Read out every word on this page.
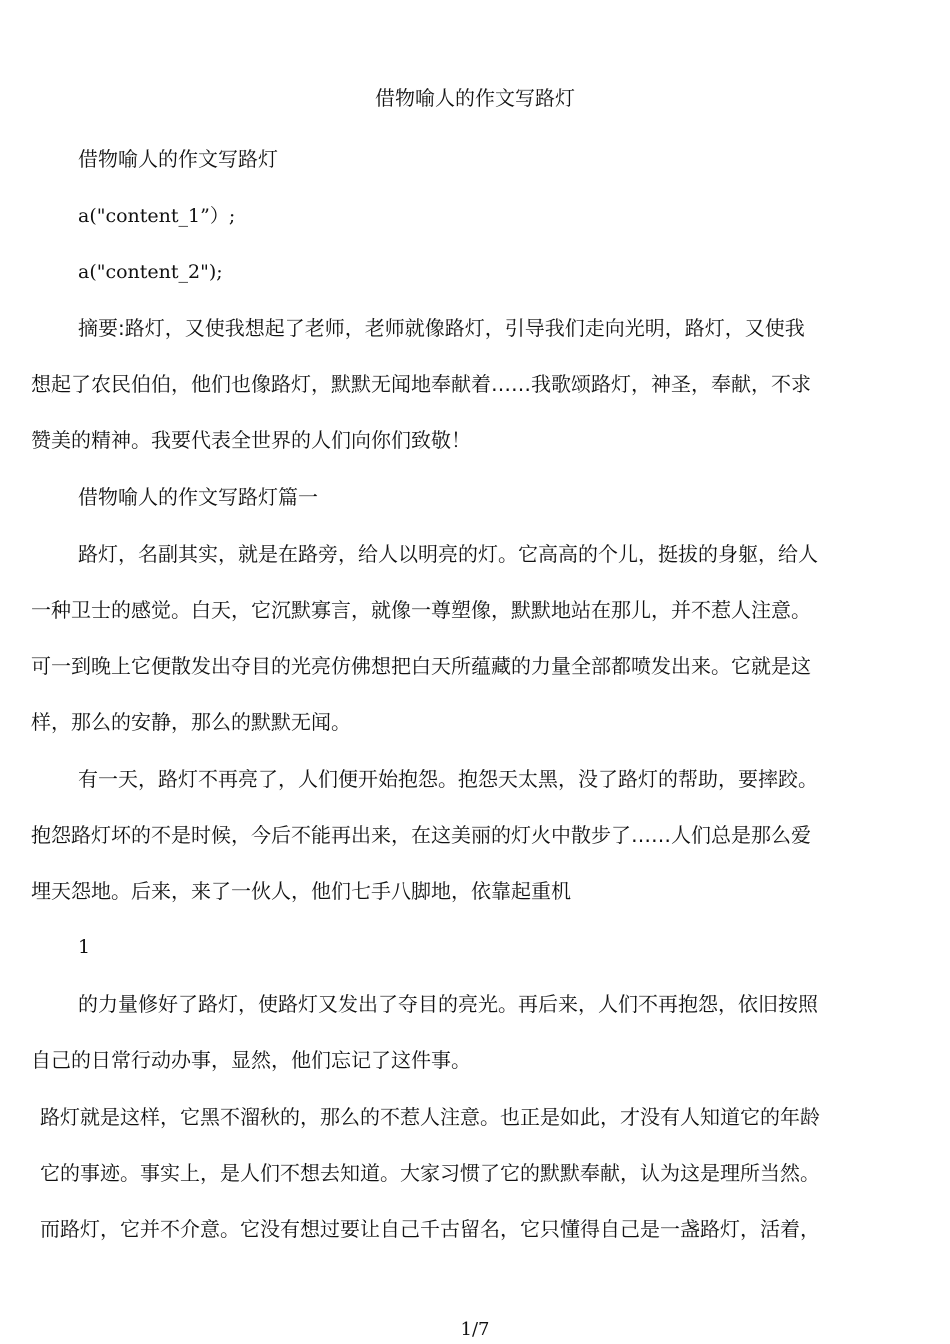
借物喻人的作文写路灯
借物喻人的作文写路灯
a("content_1”）;
a("content_2");
摘要:路灯，又使我想起了老师，老师就像路灯，引导我们走向光明，路灯，又使我
想起了农民伯伯，他们也像路灯，默默无闻地奉献着……我歌颂路灯，神圣，奉献，不求
赞美的精神。我要代表全世界的人们向你们致敬！
借物喻人的作文写路灯篇一
路灯，名副其实，就是在路旁，给人以明亮的灯。它高高的个儿，挺拔的身躯，给人
一种卫士的感觉。白天，它沉默寡言，就像一尊塑像，默默地站在那儿，并不惹人注意。
可一到晚上它便散发出夺目的光亮仿佛想把白天所蕴藏的力量全部都喷发出来。它就是这
样，那么的安静，那么的默默无闻。
有一天，路灯不再亮了，人们便开始抱怨。抱怨天太黑，没了路灯的帮助，要摔跤。
抱怨路灯坏的不是时候，今后不能再出来，在这美丽的灯火中散步了……人们总是那么爱
埋天怨地。后来，来了一伙人，他们七手八脚地，依靠起重机
1
的力量修好了路灯，使路灯又发出了夺目的亮光。再后来，人们不再抱怨，依旧按照
自己的日常行动办事，显然，他们忘记了这件事。
路灯就是这样，它黑不溜秋的，那么的不惹人注意。也正是如此，才没有人知道它的年龄
它的事迹。事实上，是人们不想去知道。大家习惯了它的默默奉献，认为这是理所当然。
而路灯，它并不介意。它没有想过要让自己千古留名，它只懂得自己是一盏路灯，活着，
1/7
